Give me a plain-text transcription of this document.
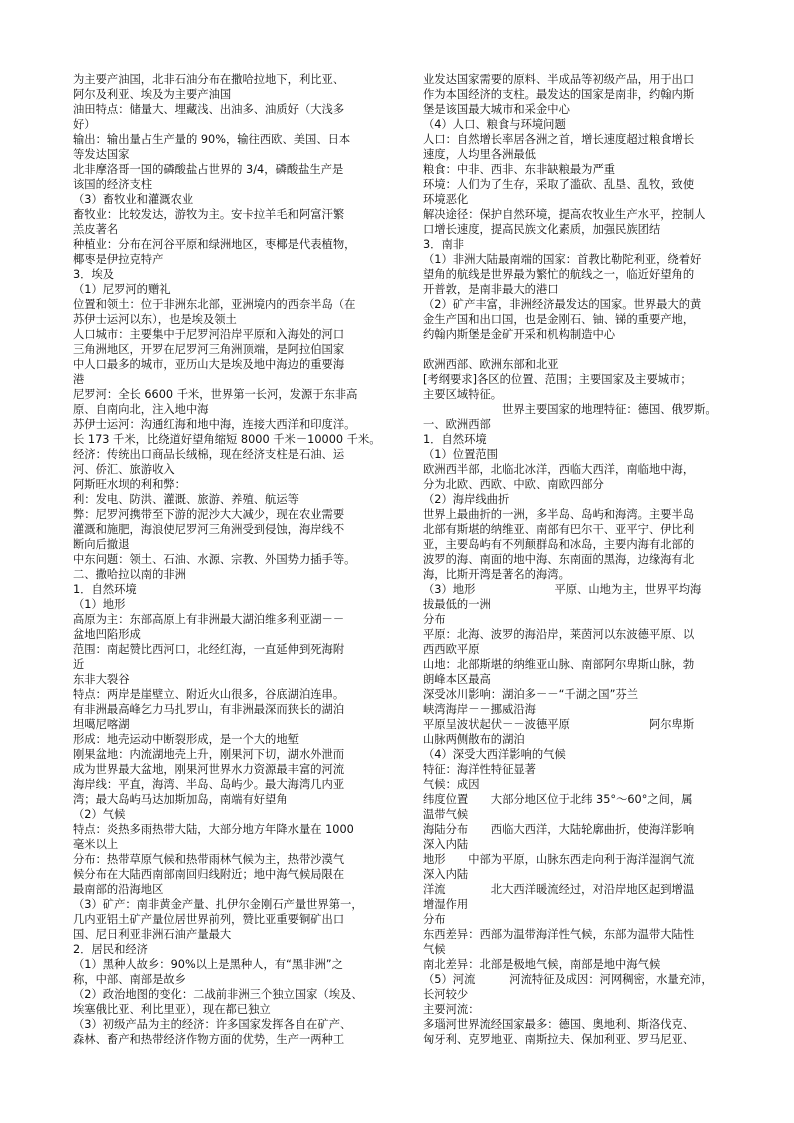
为主要产油国，北非石油分布在撒哈拉地下，利比亚、
阿尔及利亚、埃及为主要产油国
油田特点：储量大、埋藏浅、出油多、油质好（大浅多
好）
输出：输出量占生产量的 90%，输往西欧、美国、日本
等发达国家
北非摩洛哥一国的磷酸盐占世界的 3/4，磷酸盐生产是
该国的经济支柱
（3）畜牧业和灌溉农业
畜牧业：比较发达，游牧为主。安卡拉羊毛和阿富汗繁
羔皮著名
种植业：分布在河谷平原和绿洲地区，枣椰是代表植物，
椰枣是伊拉克特产
3．埃及
（1）尼罗河的赠礼
位置和领土：位于非洲东北部，亚洲境内的西奈半岛（在
苏伊士运河以东），也是埃及领土
人口城市：主要集中于尼罗河沿岸平原和入海处的河口
三角洲地区，开罗在尼罗河三角洲顶端，是阿拉伯国家
中人口最多的城市，亚历山大是埃及地中海边的重要海
港
尼罗河：全长 6600 千米，世界第一长河，发源于东非高
原、自南向北，注入地中海
苏伊士运河：沟通红海和地中海，连接大西洋和印度洋。
长 173 千米，比绕道好望角缩短 8000 千米－10000 千米。
经济：传统出口商品长绒棉，现在经济支柱是石油、运
河、侨汇、旅游收入
阿斯旺水坝的利和弊：
利：发电、防洪、灌溉、旅游、养殖、航运等
弊：尼罗河携带至下游的泥沙大大减少，现在农业需要
灌溉和施肥，海浪使尼罗河三角洲受到侵蚀，海岸线不
断向后撤退
中东问题：领土、石油、水源、宗教、外国势力插手等。
二、撒哈拉以南的非洲
1．自然环境
（1）地形
高原为主：东部高原上有非洲最大湖泊维多利亚湖－－
盆地凹陷形成
范围：南起赞比西河口，北经红海，一直延伸到死海附
近
东非大裂谷
特点：两岸是崖壁立、附近火山很多，谷底湖泊连串。
有非洲最高峰乞力马扎罗山，有非洲最深而狭长的湖泊
坦噶尼喀湖
形成：地壳运动中断裂形成，是一个大的地堑
刚果盆地：内流湖地壳上升，刚果河下切，湖水外泄而
成为世界最大盆地，刚果河世界水力资源最丰富的河流
海岸线：平直，海湾、半岛、岛屿少。最大海湾几内亚
湾；最大岛屿马达加斯加岛，南端有好望角
（2）气候
特点：炎热多雨热带大陆，大部分地方年降水量在 1000
毫米以上
分布：热带草原气候和热带雨林气候为主，热带沙漠气
候分布在大陆西南部南回归线附近；地中海气候局限在
最南部的沿海地区
（3）矿产：南非黄金产量、扎伊尔金刚石产量世界第一，
几内亚铝土矿产量位居世界前列，赞比亚重要铜矿出口
国、尼日利亚非洲石油产量最大
2．居民和经济
（1）黑种人故乡：90%以上是黑种人，有“黑非洲”之
称，中部、南部是故乡
（2）政治地图的变化：二战前非洲三个独立国家（埃及、
埃塞俄比亚、利比里亚），现在都已独立
（3）初级产品为主的经济：许多国家发挥各自在矿产、
森林、畜产和热带经济作物方面的优势，生产一两种工
业发达国家需要的原料、半成品等初级产品，用于出口
作为本国经济的支柱。最发达的国家是南非，约翰内斯
堡是该国最大城市和采金中心
（4）人口、粮食与环境问题
人口：自然增长率居各洲之首，增长速度超过粮食增长
速度，人均里各洲最低
粮食：中非、西非、东非缺粮最为严重
环境：人们为了生存，采取了滥砍、乱垦、乱牧，致使
环境恶化
解决途径：保护自然环境，提高农牧业生产水平，控制人
口增长速度，提高民族文化素质，加强民族团结
3．南非
（1）非洲大陆最南端的国家：首教比勒陀利亚，绕着好
望角的航线是世界最为繁忙的航线之一，临近好望角的
开普敦，是南非最大的港口
（2）矿产丰富，非洲经济最发达的国家。世界最大的黄
金生产国和出口国，也是金刚石、铀、锑的重要产地，
约翰内斯堡是金矿开采和机构制造中心
欧洲西部、欧洲东部和北亚
[考纲要求]各区的位置、范围；主要国家及主要城市；
主要区域特征。
　　　　　　　世界主要国家的地理特征：德国、俄罗斯。
一、欧洲西部
1．自然环境
（1）位置范围
欧洲西半部，北临北冰洋，西临大西洋，南临地中海，
分为北欧、西欧、中欧、南欧四部分
（2）海岸线曲折
世界上最曲折的一洲，多半岛、岛屿和海湾。主要半岛
北部有斯堪的纳维亚、南部有巴尔干、亚平宁、伊比利
亚，主要岛屿有不列颠群岛和冰岛，主要内海有北部的
波罗的海、南面的地中海、东南面的黑海，边缘海有北
海，比斯开湾是著名的海湾。
（3）地形　　　　　　　平原、山地为主，世界平均海
拔最低的一洲
分布
平原：北海、波罗的海沿岸，莱茵河以东波德平原、以
西西欧平原
山地：北部斯堪的纳维亚山脉、南部阿尔卑斯山脉，勃
朗峰本区最高
深受冰川影响：湖泊多－－“千湖之国”芬兰
峡湾海岸－－挪威沿海
平原呈波状起伏－－波德平原　　　　　　　阿尔卑斯
山脉两侧散布的湖泊
（4）深受大西洋影响的气候
特征：海洋性特征显著
气候：成因
纬度位置　　大部分地区位于北纬 35°～60°之间，属
温带气候
海陆分布　　西临大西洋，大陆轮廓曲折，使海洋影响
深入内陆
地形　　中部为平原，山脉东西走向利于海洋湿润气流
深入内陆
洋流　　　　北大西洋暖流经过，对沿岸地区起到增温
增湿作用
分布
东西差异：西部为温带海洋性气候，东部为温带大陆性
气候
南北差异：北部是极地气候，南部是地中海气候
（5）河流　　　河流特征及成因：河网稠密，水量充沛，
长河较少
主要河流：
多瑙河世界流经国家最多：德国、奥地利、斯洛伐克、
匈牙利、克罗地亚、南斯拉夫、保加利亚、罗马尼亚、
